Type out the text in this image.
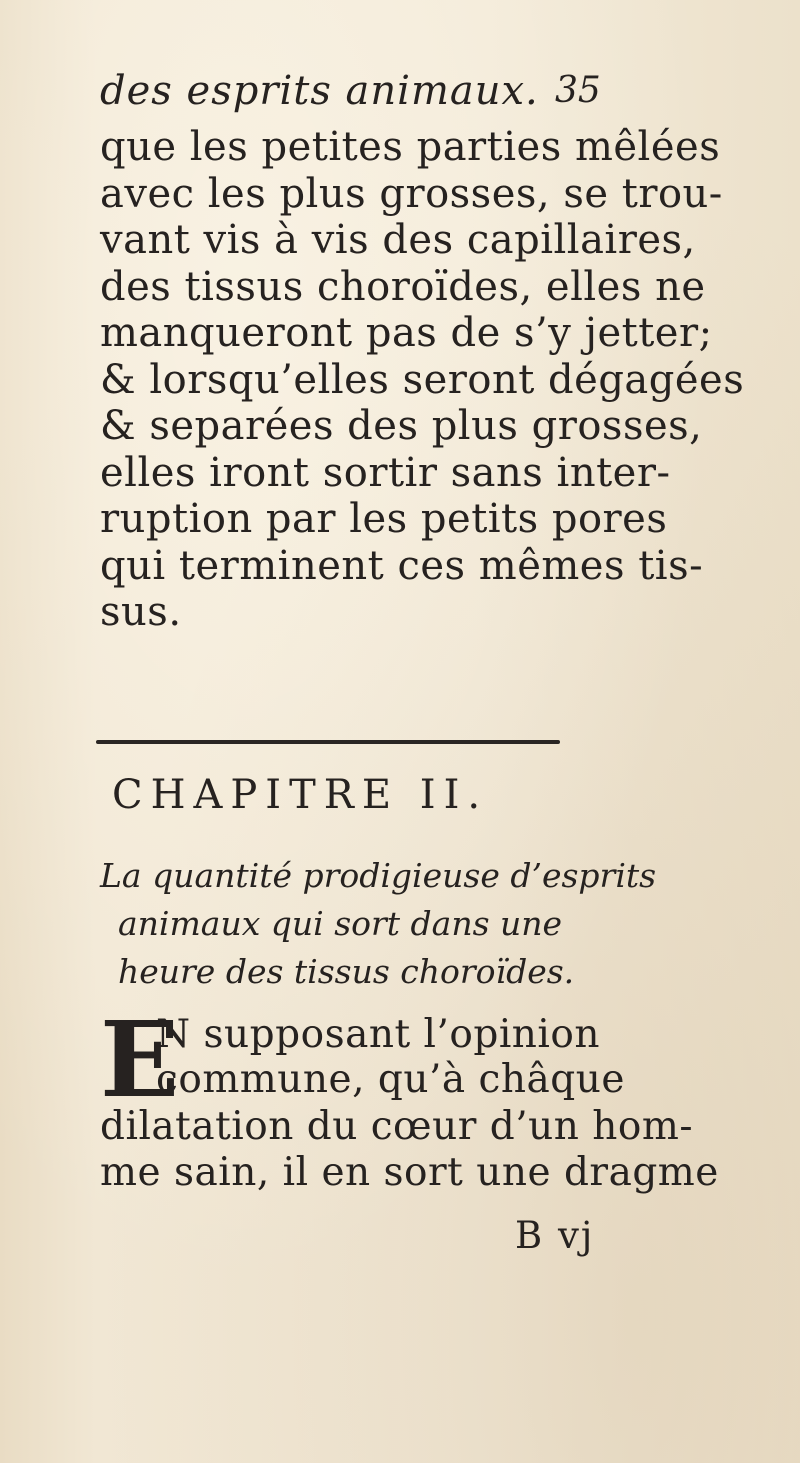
des esprits animaux. 35
que les petites parties mêlées
avec les plus grosses, se trou-
vant vis à vis des capillaires,
des tissus choroïdes, elles ne
manqueront pas de s’y jetter;
& lorsqu’elles seront dégagées
& separées des plus grosses,
elles iront sortir sans inter-
ruption par les petits pores
qui terminent ces mêmes tis-
sus.
CHAPITRE II.
La quantité prodigieuse d’esprits
animaux qui sort dans une
heure des tissus choroïdes.
E
N supposant l’opinion
commune, qu’à châque
dilatation du cœur d’un hom-
me sain, il en sort une dragme
B vj
